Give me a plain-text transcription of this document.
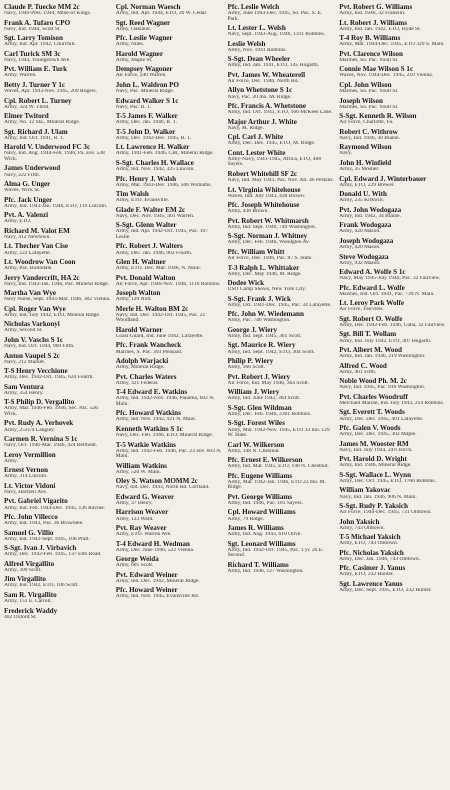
Claude P. Tuecke MM 2c
Navy, 1940-Pres. 1944, Mine-of Kings.
Frank A. Tufaro CPO
Navy, Ind. 1944, Scott St.
Sgt. Larry Tomison
Army, Ind. Apr. 1942, Churchill.
Carl Turick SM 3c
Navy, 1944, Youngstown Ave.
Pvt. William E. Turk
Army, Warren.
Betty J. Turner Y 1c
Waves, Apr. 1943-Nov. 1945, 209 Rogers.
Cpl. Robert L. Turney
Army, 324 W. Third.
Elmer Twitord
Army, No. 12 Sta., Mineral Ridge.
Sgt. Richard J. Ulam
Army, Ind. Oct. 1941, R. 1.
Harold V. Underwood FC 3c
Navy, Ind. Aug. 1944-Feb. 1946, Pa. ave. 538 Wick.
James Underwood
Navy, 222 Fifth.
Alma G. Unger
Waves, Wick St.
Pfc. Jack Unger
Army, Ind. 1943-Jan. 1946, ETO, 119 Lincoln.
Pvt. A. Valenzi
Army, ETO.
Richard M. Valot EM
Navy, 412 Newtown.
Lt. Thecher Van Cise
Army, 222 Lafayette.
Lt. Woodrow Van Coon
Army, Pac. Bolindale.
Jerry Vandercrift, HA 2c
Navy, Ind. 1943-Jan. 1946, Pac. Mineral Ridge.
Martha Van Wye
Navy Nurse, Sept. 1943-Mar. 1946, 302 Vienna.
Cpl. Roger Van Wye
Army, Ind. July 1942, ETO, Mineral Ridge.
Nicholas Varkonyi
Army, Second St.
John V. Vaschs S 1c
Navy, Ind. Oct. 1944, 960 Fifth.
Anton Vaupel S 2c
Navy, 212 Market.
T-S Henry Vecchione
Army, Dec. 1942-Oct. 1945, 624 Fourth.
Sam Ventura
Army, 354 Henry.
T-S Philip D. Vergallito
Army, Mar. 1946-Feb. 1946, Sec. Pac. 526 Wick.
Pvt. Rudy A. Verhovek
Army, 2531/4 Langley.
Carmen R. Vernina S 1c
Navy, Oct. 1946-Mar. 1946, 424 Belmont.
Leroy Vermillion
Army.
Ernest Vernon
Army, 314 Lincoln.
Lt. Victor Vidoni
Navy, Hartzell Ave.
Pvt. Gabriel Vigarito
Army, Ind. Feb. 1944-Dec. 1945, 136 Ravine.
Pfc. John Villecco
Army, Ind. 1943, Pac. 36 Brownlee.
Samuel G. Villio
Army, Ind. 1942-Sept. 1945, 106 Pratt.
S-Sgt. Ivan J. Virbavich
Army, Dec. 1942-Feb. 1945, 137 Elm Road.
Alfred Virgallito
Army, 309 Scott.
Jim Virgallito
Army, Ind. 1942, ETO, 106 Scott.
Sam R. Virgallito
Army, 151 E. Carroll.
Frederick Waddy
402 Oxford St.
Cpl. Norman Waesch
Army, Ind. Apr. 1944, ETO, 20 W. Cedar.
Sgt. Reed Wagner
Army, Oakland.
Pfc. Leslie Wagner
Army, Niles.
Harold Wagner
Army, Maple St.
Dempsey Wagoner
Air Force, 240 Warren.
John L. Waldron PO
Navy, Pac. Mineral Ridge.
Edward Walker S 1c
Navy, Pac. R. 1.
T-5 James F. Walker
Army, Dec. Jan. 1946, R. 1.
T-5 John D. Walker
Army, Dec. 1942-Dec. 1945, R. 1.
Lt. Lawrence H. Walker
Army, 1941-Feb. 1946, CBI, Mineral Ridge.
S-Sgt. Charles H. Wallace
Army, Ind. Nov. 1942, 325 Lincoln.
Pfc. Henry J. Walsh
Army, Mar. 1943-Dec. 1946, 506 Williams.
Tim Walsh
Army, ETO. Evansville.
Glade F. Walter EM 2c
Navy, Dec. Nov. 1945, 401 Warren.
S-Sgt. Glenn Walter
Army, Ind. Apr. 1942-Oct. 1945, Pac. 107 Leslie.
Pfc. Robert J. Walters
Army, Dec. Jan. 1946, 902 Fourth.
Glen H. Waltner
Army, ETO. Dec. Mar. 1946, N. Main.
Pvt. Donald Walton
Air Force, Apr. 1946-Nov. 1946, 1116 Robbins.
Joseph Walton
Army, 120 Nott.
Merle H. Walton BM 2c
Navy, Ind. Dec. 1942-Oct. 1945, Pac. 21 Woodland.
Harold Warner
Coast Guard, Ind. June 1942, Lafayette.
Pfc. Frank Wancheck
Marines, S. Pac. 393 Pleasant.
Adolph Warjacki
Army, Mineral Ridge.
Pvt. Charles Waters
Army, 321 Federal.
T-4 Edward E. Watkins
Army, Ind. 1942-Nov. 1946, Panama, 602 N. Main.
Pfc. Howard Watkins
Army, Ind. Nov. 1942, 921 N. Main.
Kenneth Watkins S 1c
Navy, Dec. Feb. 1946, ETO, Mineral Ridge.
T-5 Watkie Watkins
Army, Ind. 1942-Feb. 1946, Pac. 23 ave. 603 N. Main.
William Watkins
Army, 520 W. Main.
Oley S. Watson MOMM 2c
Navy, Ind. Dec. 1943, North Rd. Cortland.
Edward G. Weaver
Army, 37 Henry.
Harrison Weaver
Army, 123 Ward.
Pvt. Ray Weaver
Army, ETO. Warren Ave.
T-4 Edward H. Wedman
Army, Dec. June 1946, 522 Vienna.
George Weida
Army, 601 Scott.
Pvt. Edward Weiner
Army, Ind. Dec. 1942, Mineral Ridge.
Pfc. Howard Weiner
Army, Ind. Nov. 1945, Evansville Rd.
Pfc. Leslie Welch
Army, June 1943-Dec. 1945, So. Pac. S. E. Park.
Lt. Lester L. Welsh
Navy, Sept. 1943-Aug. 1946, 1311 Robbins.
Leslie Welsh
Army, Nov. 1941 Robbins.
S-Sgt. Dean Wheeler
Army, Ind. Jan. 1941, ETO, 145 Hogarth.
Pvt. James W. Wheaterell
Air Force, Dec. 1946, North Rd.
Allyn Whetstone S 1c
Navy, Pac. 20 mo. M. Ridge.
Pfc. Francis A. Whetstone
Army, Ind. Oct. 1941, ETO, 166 McKees Lane.
Major Arthur J. White
Navy, M. Ridge.
Cpl. Carl J. White
Army, Dec. Dec. 1945, ETO, M. Ridge.
Cont. Lester White
Army-Navy, 1941-1945, Africa, ETO, 408 Sayers.
Robert Whitehill SF 2c
Navy, Ind. May 1943, Pac. Nov. Atl. 46 Perkins.
Lt. Virginia Whitehouse
Waves, Ind. July 1943, 438 Brown.
Pfc. Joseph Whitehouse
Army, 438 Brown.
Pvt. Robert W. Whitmarsh
Army, Ind. Sept. 1946, 749 Washington.
S-Sgt. Norman J. Whitney
Army, Dec. Feb. 1946, Woodglen Av.
Pfc. William Whitt
Air Force, Dec. 1946, Pac. 87 S. State.
T-3 Ralph L. Whittaker
Army, Dec. May 1946, M. Ridge.
Dodee Wick
USO Camp Shows, New York City.
S-Sgt. Frank J. Wick
Army, Oct. 1941-Dec. 1945, Pac. 34 Lafayette.
Pfc. John W. Wiedemann
Army, Pac. 746 Washington.
George J. Wiery
Army, Ind. Sept. 1945, 361 Scott.
Sgt. Maurice R. Wiery
Army, Ind. Sept. 1942, ETO, 364 Scott.
Philip P. Wiery
Army, 366 Scott.
Pvt. Robert J. Wiery
Air Force, Ind. May 1946, 364 Scott.
William J. Wiery
Army, Ind. June 1942, 364 Scott.
S-Sgt. Glen Wildman
Army, Dec. Feb. 1946, 2301 Robbins.
S-Sgt. Forest Wiles
Army, Mar. 1942-Nov. 1945, ETO 33 mo. 129 W. State.
Carl W. Wilkerson
Army, 148 N. Chestnut.
Pfc. Ernest E. Wilkerson
Army, Ind. Mar. 1945, ETO, 148 N. Chestnut.
Pfc. Eugene Williams
Army, Mar. 1942-Jan. 1946, ETO 22 mo. M. Ridge.
Pvt. George Williams
Army, Ind. 1946, Pac. 181 Sayers.
Cpl. Howard Williams
Army, 79 Ridge.
James R. Williams
Army, Ind. Aug. 1943, 610 Olive.
Sgt. Leonard Williams
Army, Ind. 1942-Oct. 1945, Pac. 1 yr. 26 E. Second.
Richard T. Williams
Army, Ind. 1946, 127 Washington.
Pvt. Robert G. Williams
Army, Ind. 1946, 32 Franklin.
Lt. Robert J. Williams
Army, Ind. Jan. 1942, ETO, Hyde St.
T-4 Roy B. Williams
Army, Mar. 1944-Dec. 1945, ETO 329 S. Main.
Pvt. Clarence Wilson
Marines, So. Pac. Youll St.
Connie Mae Wilson S 1c
Waves, Nov. 1944-Dec. 1945, 210 Vienna.
Cpl. John Wilson
Marines, So. Pac. Youll St.
Joseph Wilson
Marines, So. Pac. Youll St.
S-Sgt. Kenneth R. Wilson
Air Force, Charlotte, Fa.
Robert C. Withrow
Navy, Ind. 1946, 30 Blaine.
Raymond Wilson
Navy.
John H. Winfield
Army, 35 Mosher.
Cpl. Edward J. Winterbauer
Army, ETO, 229 Brewer.
Donald U. With
Army, 235 Kirkwill.
Pvt. John Wodogaza
Army, Ind. 1942, 34 Blaine.
Frank Wodogaza
Army, 420 Mason.
Joseph Wodogaza
Army, 420 Mason.
Steve Wodogaza
Army, 932 Mason.
Edward A. Wolfe S 1c
Navy, May 1945-July 1946, Pac. 32 Fairview.
Pfc. Edward L. Wolfe
Marines, Ind. Oct. 1941, Pac. 739 N. Main.
Lt. Leroy Park Wolfe
Air Force, Fairview.
Sgt. Robert O. Wolfe
Army, Dec. 1942-Feb. 1946, Cuba, 32 Fairview.
Sgt. Bill T. Wollam
Army, Ind. July 1942, ETO, 407 Hogarth.
Pvt. Albert M. Wood
Army, Ind. Jan. 1946, 219 Washington.
Alfred C. Wood
Army, 401 Fifth.
Noble Wood Ph. M. 2c
Navy, Ind. 1945, Pac. 816 Washington.
Pvt. Charles Woodruff
Merchant Marine, Ind. July 1943, 214 Robbins.
Sgt. Everett T. Woods
Army, Dec. Dec. 1945, 401 Lafayette.
Pfc. Galen V. Woods
Army, Dec. Dec. 1945, 302 Maple.
James M. Wooster RM
Navy, Ind. July 1944, 24½ Birch.
Pvt. Harold D. Wright
Army, Ind. 1946, Mineral Ridge.
S-Sgt. Wallace L. Wynn
Army, Dec. Oct. 1945, ETO, 1766 Robbins.
William Yakovac
Navy, Ind. Jan. 1946, 906 N. Main.
S-Sgt. Rudy P. Yaksich
Air Force, 1944-Dec. 1945, 731 Ohltown.
John Yaksich
Army, 743 Ohltown.
T-5 Michael Yaksich
Army, ETO, 743 Ohltown.
Pfc. Nicholas Yaksich
Army, Dec. Jan. 1946, 743 Ohltown.
Pfc. Casimer J. Yanus
Army, ETO, 232 Hunter.
Sgt. Lawrence Yanus
Army, Dec. Sept. 1945, ETO, 232 Hunter.
